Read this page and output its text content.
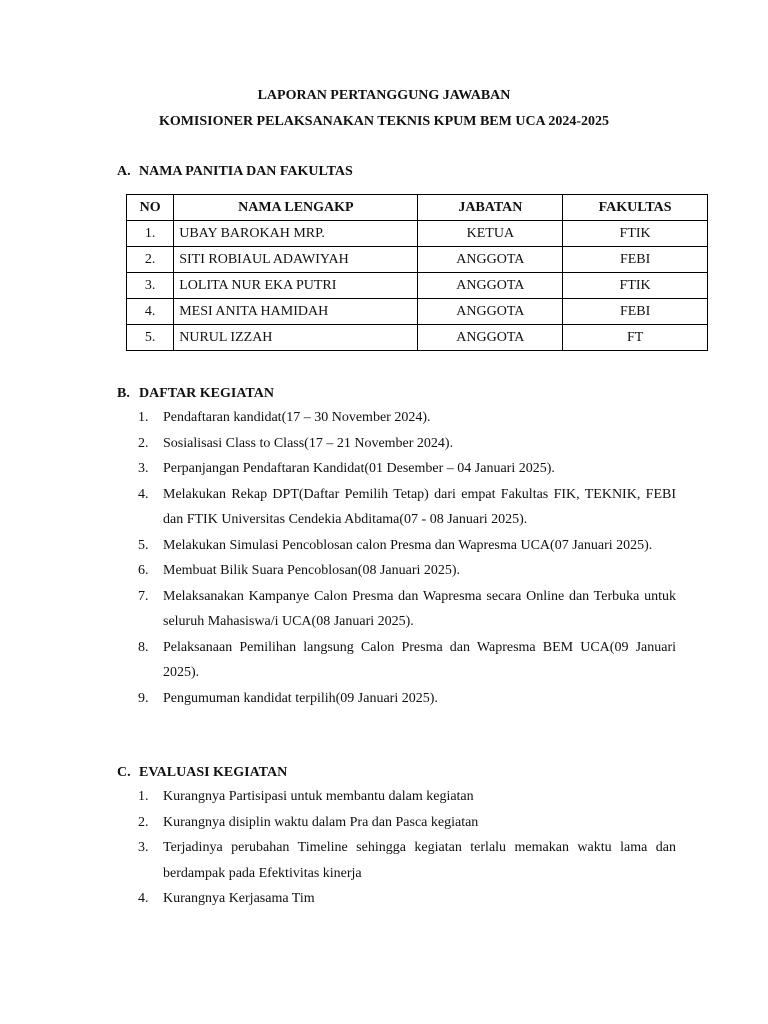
LAPORAN PERTANGGUNG JAWABAN
KOMISIONER PELAKSANAKAN TEKNIS KPUM BEM UCA 2024-2025
A. NAMA PANITIA DAN FAKULTAS
NO	NAMA LENGAKP	JABATAN	FAKULTAS
1.	UBAY BAROKAH MRP.	KETUA	FTIK
2.	SITI ROBIAUL ADAWIYAH	ANGGOTA	FEBI
3.	LOLITA NUR EKA PUTRI	ANGGOTA	FTIK
4.	MESI ANITA HAMIDAH	ANGGOTA	FEBI
5.	NURUL IZZAH	ANGGOTA	FT
B. DAFTAR KEGIATAN
1. Pendaftaran kandidat(17 – 30 November 2024).
2. Sosialisasi Class to Class(17 – 21 November 2024).
3. Perpanjangan Pendaftaran Kandidat(01 Desember – 04 Januari 2025).
4. Melakukan Rekap DPT(Daftar Pemilih Tetap) dari empat Fakultas FIK, TEKNIK, FEBI dan FTIK Universitas Cendekia Abditama(07 - 08 Januari 2025).
5. Melakukan Simulasi Pencoblosan calon Presma dan Wapresma UCA(07 Januari 2025).
6. Membuat Bilik Suara Pencoblosan(08 Januari 2025).
7. Melaksanakan Kampanye Calon Presma dan Wapresma secara Online dan Terbuka untuk seluruh Mahasiswa/i UCA(08 Januari 2025).
8. Pelaksanaan Pemilihan langsung Calon Presma dan Wapresma BEM UCA(09 Januari 2025).
9. Pengumuman kandidat terpilih(09 Januari 2025).
C. EVALUASI KEGIATAN
1. Kurangnya Partisipasi untuk membantu dalam kegiatan
2. Kurangnya disiplin waktu dalam Pra dan Pasca kegiatan
3. Terjadinya perubahan Timeline sehingga kegiatan terlalu memakan waktu lama dan berdampak pada Efektivitas kinerja
4. Kurangnya Kerjasama Tim
